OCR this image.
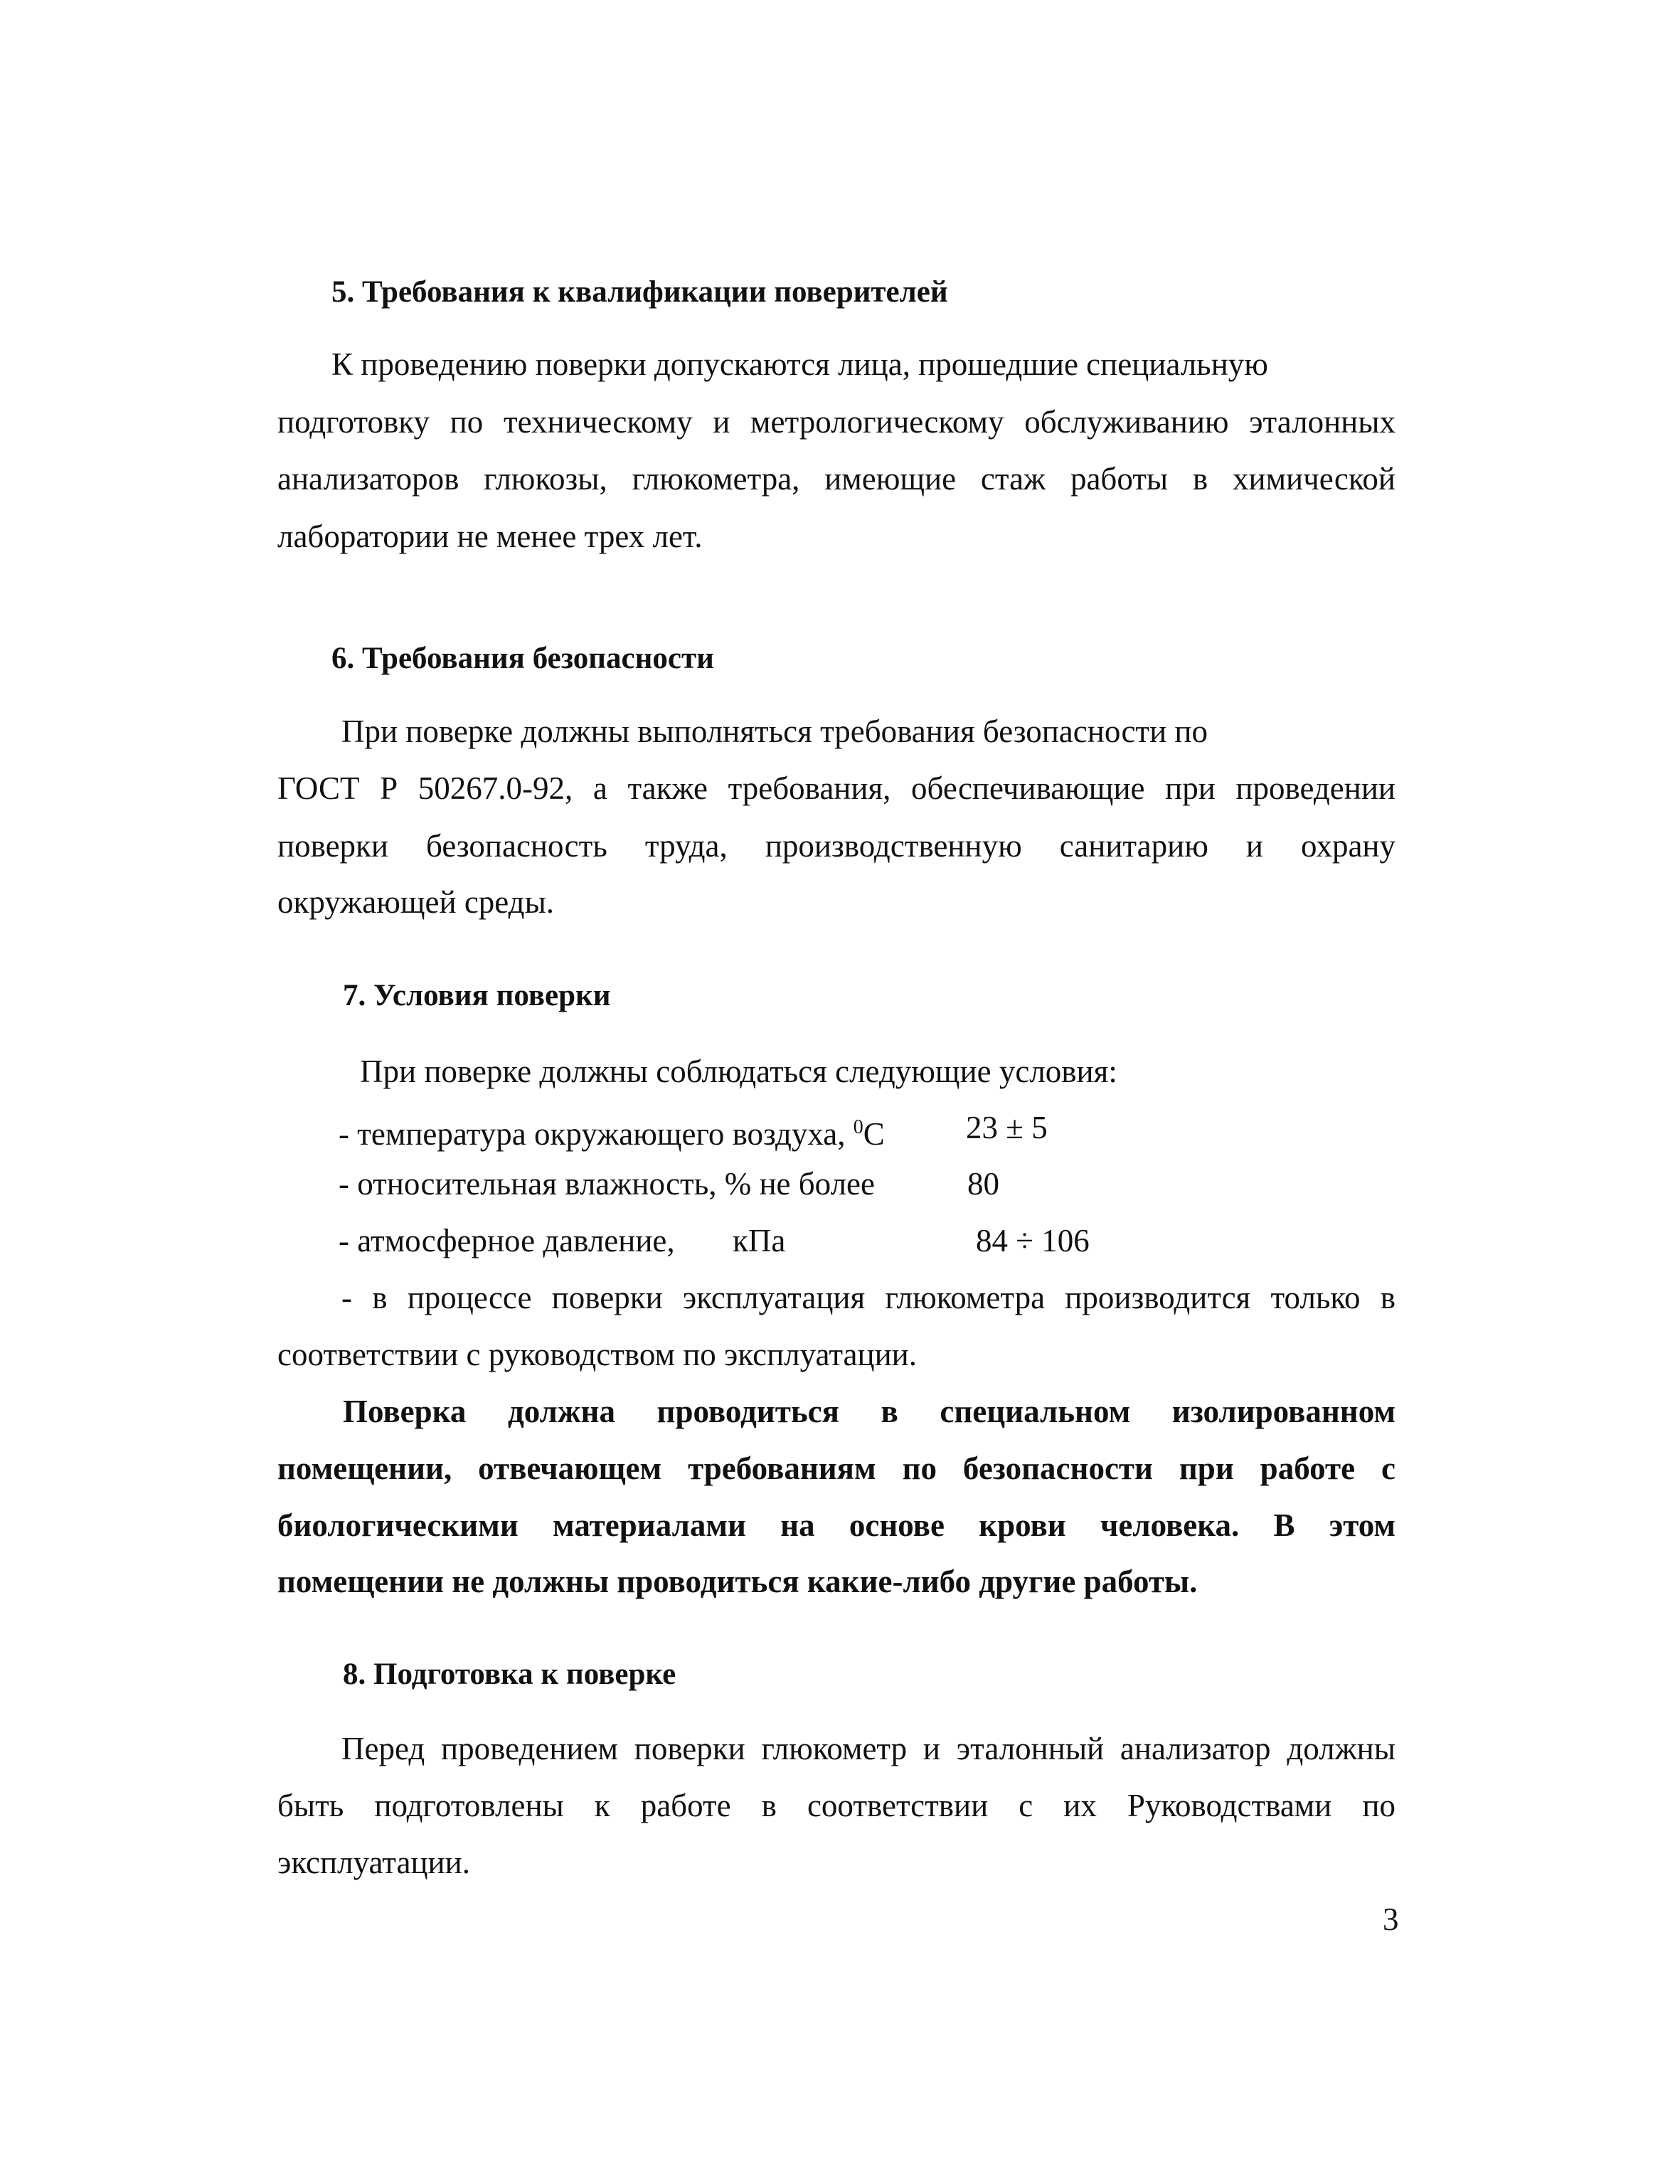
5. Требования к квалификации поверителей
К проведению поверки допускаются лица, прошедшие специальную
подготовку по техническому и метрологическому обслуживанию эталонных
анализаторов глюкозы, глюкометра, имеющие стаж работы в химической
лаборатории не менее трех лет.
6. Требования безопасности
При поверке должны выполняться требования безопасности по
ГОСТ Р 50267.0-92, а также требования, обеспечивающие при проведении
поверки безопасность труда, производственную санитарию и охрану
окружающей среды.
7. Условия поверки
При поверке должны соблюдаться следующие условия:
- температура окружающего воздуха, $^0$С	23 ± 5
- относительная влажность, % не более	80
- атмосферное давление, кПа	84 ÷ 106
- в процессе поверки эксплуатация глюкометра производится только в
соответствии с руководством по эксплуатации.
Поверка должна проводиться в специальном изолированном
помещении, отвечающем требованиям по безопасности при работе с
биологическими материалами на основе крови человека. В этом
помещении не должны проводиться какие-либо другие работы.
8. Подготовка к поверке
Перед проведением поверки глюкометр и эталонный анализатор должны
быть подготовлены к работе в соответствии с их Руководствами по
эксплуатации.
3
